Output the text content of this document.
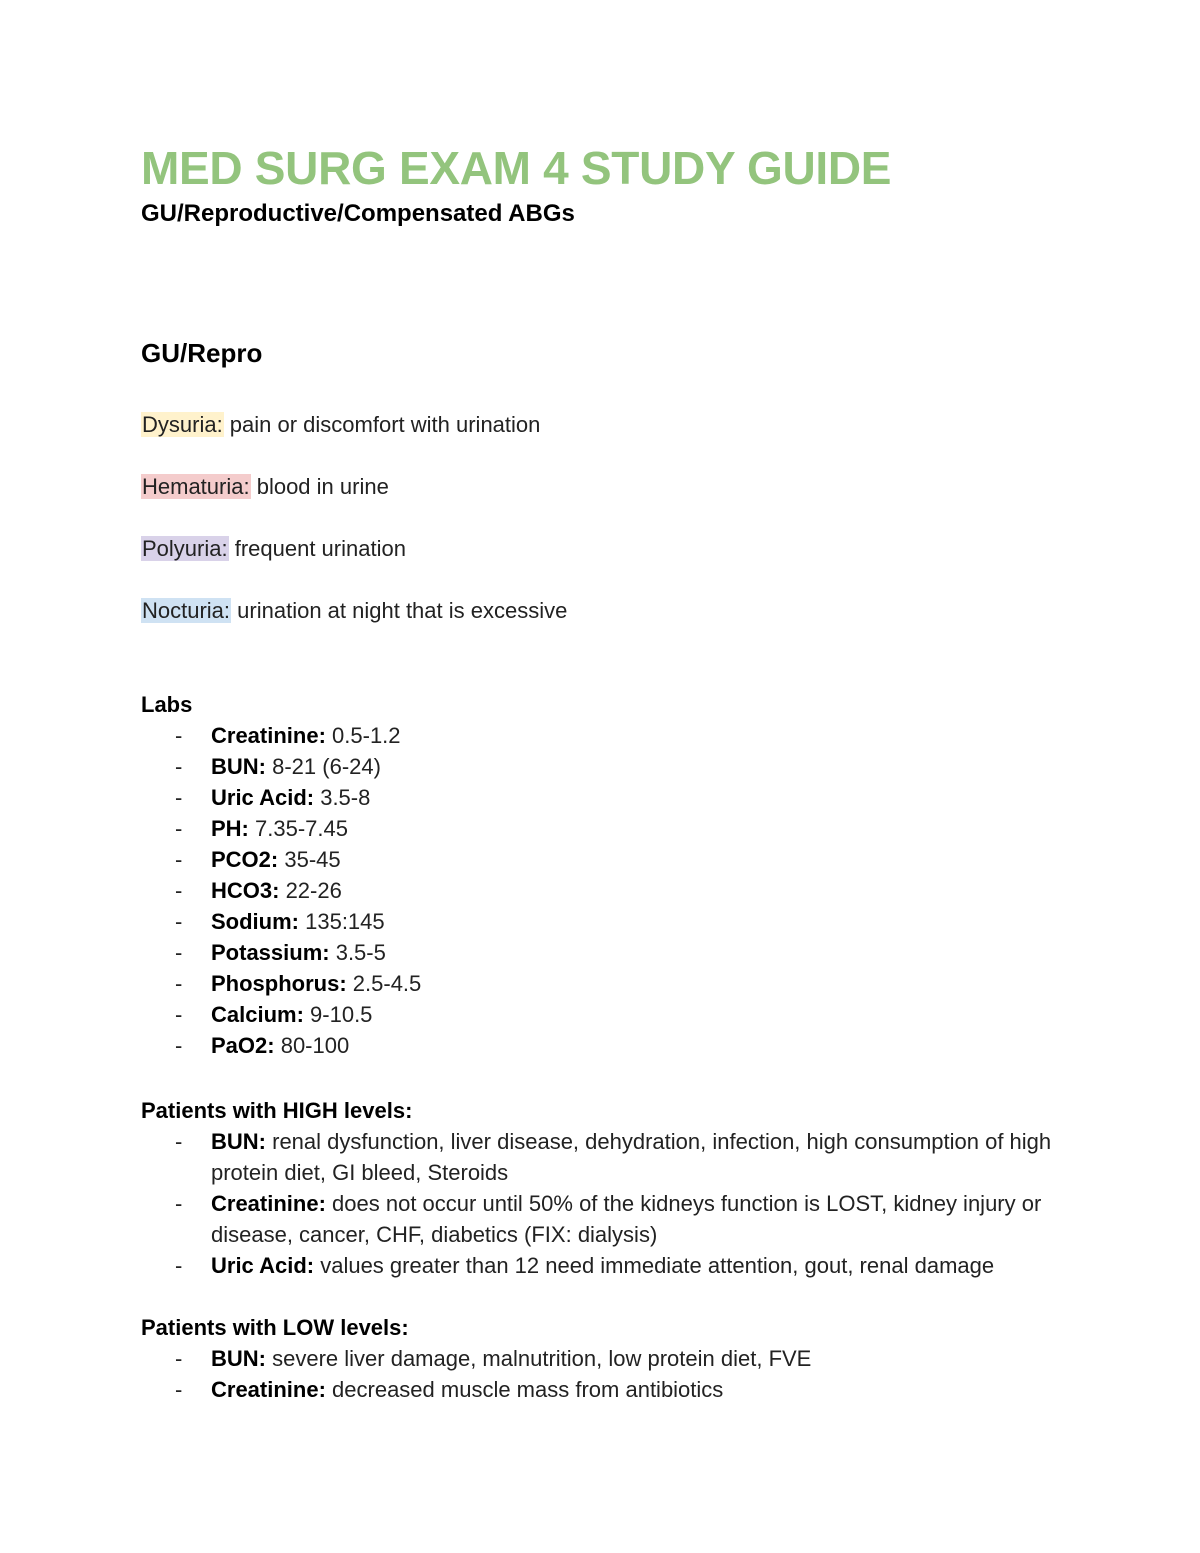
MED SURG EXAM 4 STUDY GUIDE
GU/Reproductive/Compensated ABGs
GU/Repro
Dysuria: pain or discomfort with urination
Hematuria: blood in urine
Polyuria: frequent urination
Nocturia: urination at night that is excessive
Labs
- Creatinine: 0.5-1.2
- BUN: 8-21 (6-24)
- Uric Acid: 3.5-8
- PH: 7.35-7.45
- PCO2: 35-45
- HCO3: 22-26
- Sodium: 135:145
- Potassium: 3.5-5
- Phosphorus: 2.5-4.5
- Calcium: 9-10.5
- PaO2: 80-100
Patients with HIGH levels:
- BUN: renal dysfunction, liver disease, dehydration, infection, high consumption of high protein diet, GI bleed, Steroids
- Creatinine: does not occur until 50% of the kidneys function is LOST, kidney injury or disease, cancer, CHF, diabetics (FIX: dialysis)
- Uric Acid: values greater than 12 need immediate attention, gout, renal damage
Patients with LOW levels:
- BUN: severe liver damage, malnutrition, low protein diet, FVE
- Creatinine: decreased muscle mass from antibiotics
